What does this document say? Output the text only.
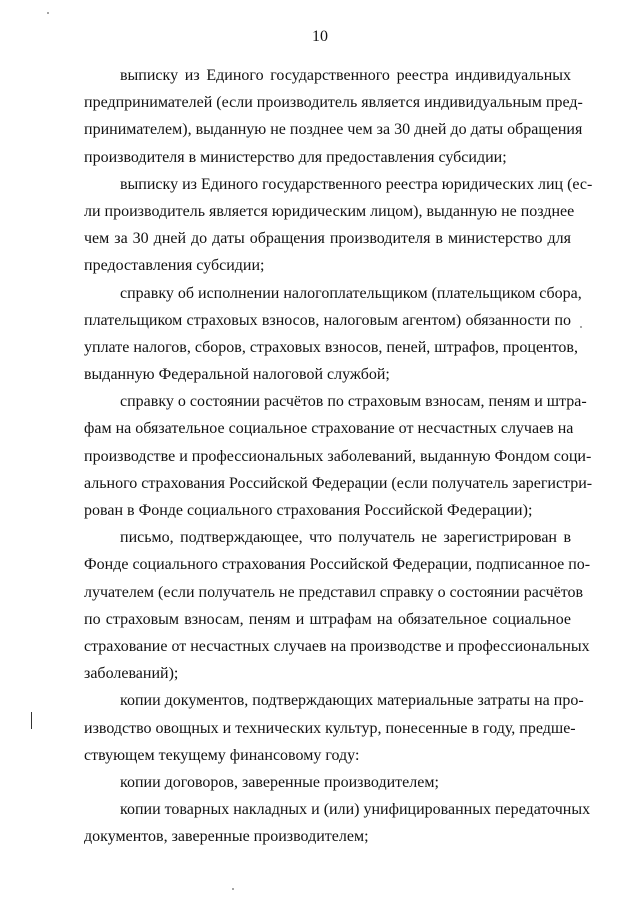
10
выписку из Единого государственного реестра индивидуальных
предпринимателей (если производитель является индивидуальным пред-
принимателем), выданную не позднее чем за 30 дней до даты обращения
производителя в министерство для предоставления субсидии;
выписку из Единого государственного реестра юридических лиц (ес-
ли производитель является юридическим лицом), выданную не позднее
чем за 30 дней до даты обращения производителя в министерство для
предоставления субсидии;
справку об исполнении налогоплательщиком (плательщиком сбора,
плательщиком страховых взносов, налоговым агентом) обязанности по
уплате налогов, сборов, страховых взносов, пеней, штрафов, процентов,
выданную Федеральной налоговой службой;
справку о состоянии расчётов по страховым взносам, пеням и штра-
фам на обязательное социальное страхование от несчастных случаев на
производстве и профессиональных заболеваний, выданную Фондом соци-
ального страхования Российской Федерации (если получатель зарегистри-
рован в Фонде социального страхования Российской Федерации);
письмо, подтверждающее, что получатель не зарегистрирован в
Фонде социального страхования Российской Федерации, подписанное по-
лучателем (если получатель не представил справку о состоянии расчётов
по страховым взносам, пеням и штрафам на обязательное социальное
страхование от несчастных случаев на производстве и профессиональных
заболеваний);
копии документов, подтверждающих материальные затраты на про-
изводство овощных и технических культур, понесенные в году, предше-
ствующем текущему финансовому году:
копии договоров, заверенные производителем;
копии товарных накладных и (или) унифицированных передаточных
документов, заверенные производителем;
